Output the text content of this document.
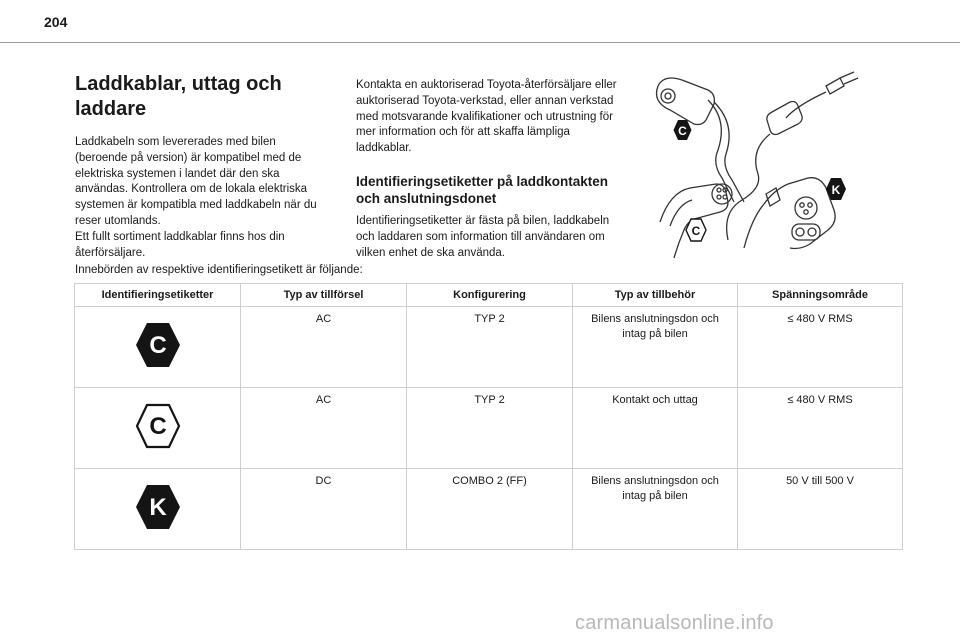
204
Laddkablar, uttag och laddare

Laddkabeln som levererades med bilen (beroende på version) är kompatibel med de elektriska systemen i landet där den ska användas. Kontrollera om de lokala elektriska systemen är kompatibla med laddkabeln när du reser utomlands.
Ett fullt sortiment laddkablar finns hos din återförsäljare.

Kontakta en auktoriserad Toyota-återförsäljare eller auktoriserad Toyota-verkstad, eller annan verkstad med motsvarande kvalifikationer och utrustning för mer information och för att skaffa lämpliga laddkablar.

Identifieringsetiketter på laddkontakten och anslutningsdonet

Identifieringsetiketter är fästa på bilen, laddkabeln och laddaren som information till användaren om vilken enhet de ska använda.

C
C
K
Innebörden av respektive identifieringsetikett är följande:
Identifieringsetiketter	Typ av tillförsel	Konfigurering	Typ av tillbehör	Spänningsområde

C	AC	TYP 2	Bilens anslutningsdon och intag på bilen	≤ 480 V RMS

C	AC	TYP 2	Kontakt och uttag	≤ 480 V RMS

K	DC	COMBO 2 (FF)	Bilens anslutningsdon och intag på bilen	50 V till 500 V
carmanualsonline.info
